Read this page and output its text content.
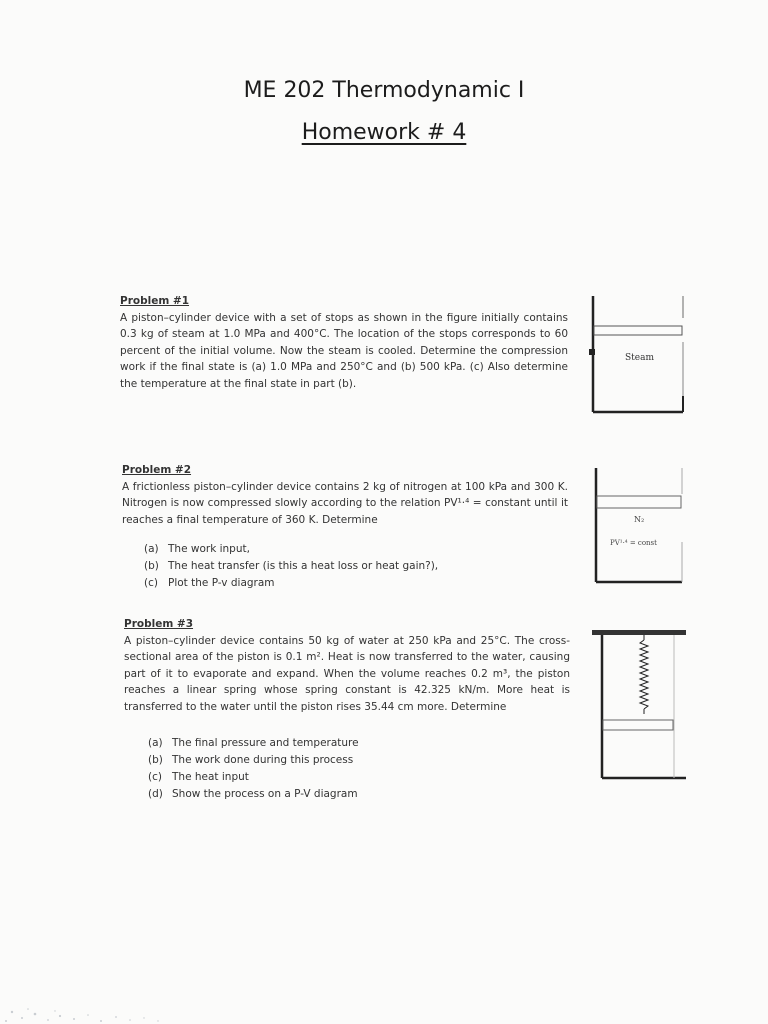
ME 202 Thermodynamic I
Homework # 4
Problem #1
A piston–cylinder device with a set of stops as shown in the figure initially contains 0.3 kg of steam at 1.0 MPa and 400°C. The location of the stops corresponds to 60 percent of the initial volume. Now the steam is cooled. Determine the compression work if the final state is (a) 1.0 MPa and 250°C and (b) 500 kPa. (c) Also determine the temperature at the final state in part (b).
Steam
Problem #2
A frictionless piston–cylinder device contains 2 kg of nitrogen at 100 kPa and 300 K. Nitrogen is now compressed slowly according to the relation PV¹·⁴ = constant until it reaches a final temperature of 360 K. Determine
(a) The work input,
(b) The heat transfer (is this a heat loss or heat gain?),
(c) Plot the P-v diagram
N₂
PV¹·⁴ = const
Problem #3
A piston–cylinder device contains 50 kg of water at 250 kPa and 25°C. The cross-sectional area of the piston is 0.1 m². Heat is now transferred to the water, causing part of it to evaporate and expand. When the volume reaches 0.2 m³, the piston reaches a linear spring whose spring constant is 42.325 kN/m. More heat is transferred to the water until the piston rises 35.44 cm more. Determine
(a) The final pressure and temperature
(b) The work done during this process
(c) The heat input
(d) Show the process on a P-V diagram
